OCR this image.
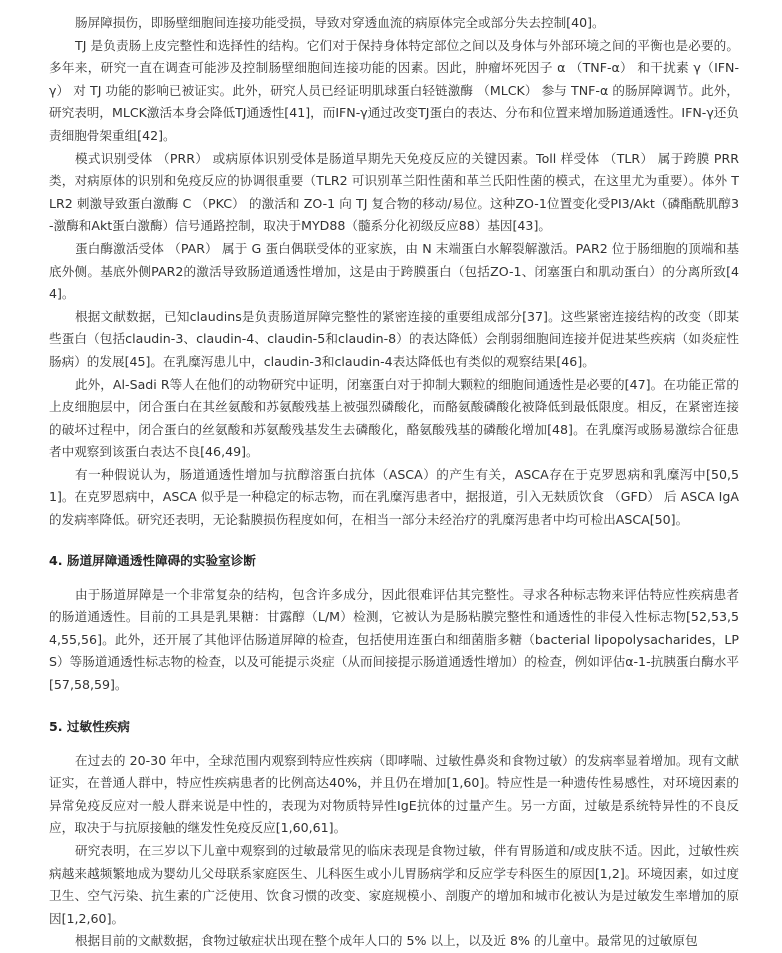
肠屏障损伤，即肠壁细胞间连接功能受损，导致对穿透血流的病原体完全或部分失去控制[40]。

TJ 是负责肠上皮完整性和选择性的结构。它们对于保持身体特定部位之间以及身体与外部环境之间的平衡也是必要的。多年来，研究一直在调查可能涉及控制肠壁细胞间连接功能的因素。因此，肿瘤坏死因子 α （TNF-α） 和干扰素 γ（IFN-γ） 对 TJ 功能的影响已被证实。此外，研究人员已经证明肌球蛋白轻链激酶 （MLCK） 参与 TNF-α 的肠屏障调节。此外，研究表明，MLCK激活本身会降低TJ通透性[41]，而IFN-γ通过改变TJ蛋白的表达、分布和位置来增加肠道通透性。IFN-γ还负责细胞骨架重组[42]。

模式识别受体 （PRR） 或病原体识别受体是肠道早期先天免疫反应的关键因素。Toll 样受体 （TLR） 属于跨膜 PRR 类，对病原体的识别和免疫反应的协调很重要（TLR2 可识别革兰阳性菌和革兰氏阳性菌的模式，在这里尤为重要）。体外 TLR2 刺激导致蛋白激酶 C （PKC） 的激活和 ZO-1 向 TJ 复合物的移动/易位。这种ZO-1位置变化受PI3/Akt（磷酯酰肌醇3-激酶和Akt蛋白激酶）信号通路控制，取决于MYD88（髓系分化初级反应88）基因[43]。

蛋白酶激活受体 （PAR） 属于 G 蛋白偶联受体的亚家族，由 N 末端蛋白水解裂解激活。PAR2 位于肠细胞的顶端和基底外侧。基底外侧PAR2的激活导致肠道通透性增加，这是由于跨膜蛋白（包括ZO-1、闭塞蛋白和肌动蛋白）的分离所致[44]。

根据文献数据，已知claudins是负责肠道屏障完整性的紧密连接的重要组成部分[37]。这些紧密连接结构的改变（即某些蛋白（包括claudin-3、claudin-4、claudin-5和claudin-8）的表达降低）会削弱细胞间连接并促进某些疾病（如炎症性肠病）的发展[45]。在乳糜泻患儿中，claudin-3和claudin-4表达降低也有类似的观察结果[46]。

此外，Al-Sadi R等人在他们的动物研究中证明，闭塞蛋白对于抑制大颗粒的细胞间通透性是必要的[47]。在功能正常的上皮细胞层中，闭合蛋白在其丝氨酸和苏氨酸残基上被强烈磷酸化，而酪氨酸磷酸化被降低到最低限度。相反，在紧密连接的破坏过程中，闭合蛋白的丝氨酸和苏氨酸残基发生去磷酸化，酪氨酸残基的磷酸化增加[48]。在乳糜泻或肠易激综合征患者中观察到该蛋白表达不良[46,49]。

有一种假说认为，肠道通透性增加与抗醇溶蛋白抗体（ASCA）的产生有关，ASCA存在于克罗恩病和乳糜泻中[50,51]。在克罗恩病中，ASCA 似乎是一种稳定的标志物，而在乳糜泻患者中，据报道，引入无麸质饮食 （GFD） 后 ASCA IgA 的发病率降低。研究还表明，无论黏膜损伤程度如何，在相当一部分未经治疗的乳糜泻患者中均可检出ASCA[50]。

4. 肠道屏障通透性障碍的实验室诊断

由于肠道屏障是一个非常复杂的结构，包含许多成分，因此很难评估其完整性。寻求各种标志物来评估特应性疾病患者的肠道通透性。目前的工具是乳果糖：甘露醇（L/M）检测，它被认为是肠粘膜完整性和通透性的非侵入性标志物[52,53,54,55,56]。此外，还开展了其他评估肠道屏障的检查，包括使用连蛋白和细菌脂多糖（bacterial lipopolysacharides，LPS）等肠道通透性标志物的检查，以及可能提示炎症（从而间接提示肠道通透性增加）的检查，例如评估α-1-抗胰蛋白酶水平[57,58,59]。

5. 过敏性疾病

在过去的 20-30 年中，全球范围内观察到特应性疾病（即哮喘、过敏性鼻炎和食物过敏）的发病率显着增加。现有文献证实，在普通人群中，特应性疾病患者的比例高达40%，并且仍在增加[1,60]。特应性是一种遗传性易感性，对环境因素的异常免疫反应对一般人群来说是中性的，表现为对物质特异性IgE抗体的过量产生。另一方面，过敏是系统特异性的不良反应，取决于与抗原接触的继发性免疫反应[1,60,61]。

研究表明，在三岁以下儿童中观察到的过敏最常见的临床表现是食物过敏，伴有胃肠道和/或皮肤不适。因此，过敏性疾病越来越频繁地成为婴幼儿父母联系家庭医生、儿科医生或小儿胃肠病学和反应学专科医生的原因[1,2]。环境因素，如过度卫生、空气污染、抗生素的广泛使用、饮食习惯的改变、家庭规模小、剖腹产的增加和城市化被认为是过敏发生率增加的原因[1,2,60]。

根据目前的文献数据，食物过敏症状出现在整个成年人口的 5% 以上，以及近 8% 的儿童中。最常见的过敏原包
